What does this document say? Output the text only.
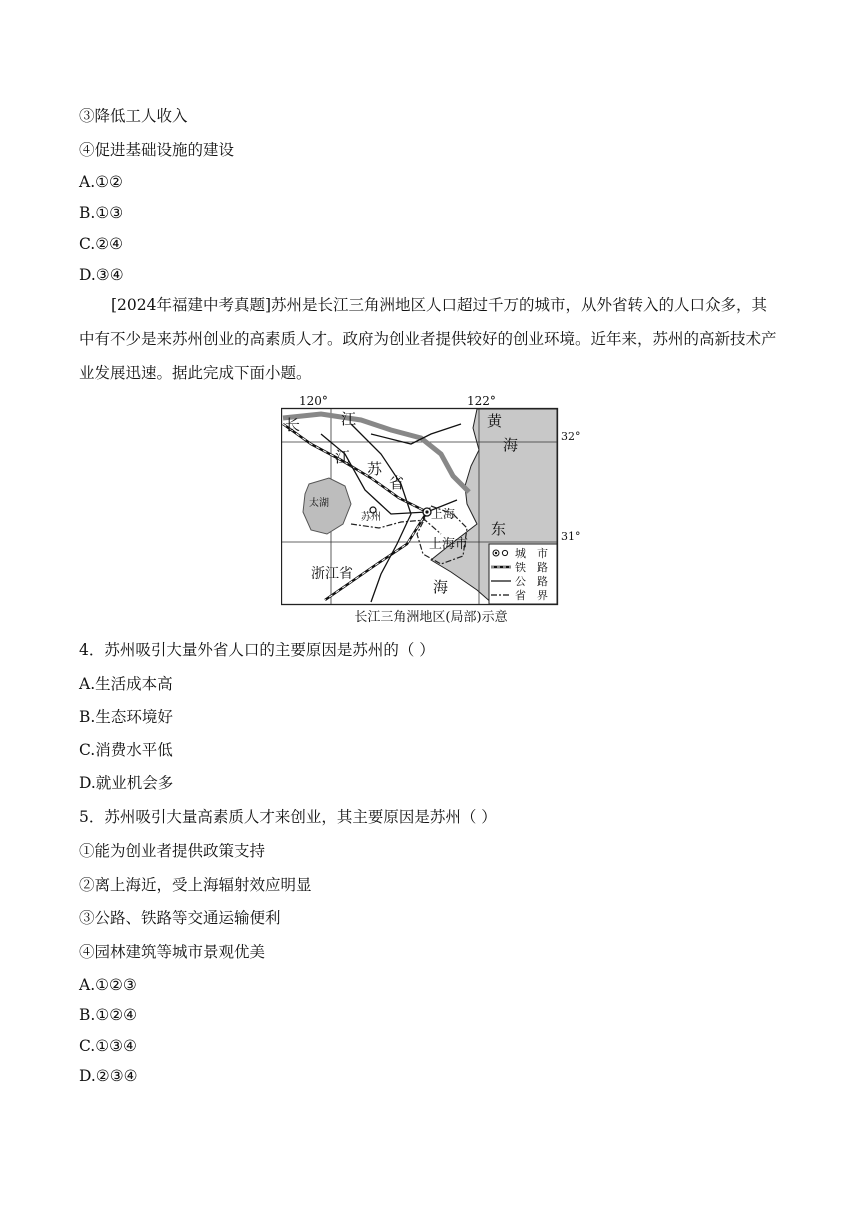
③降低工人收入
④促进基础设施的建设
A.①②
B.①③
C.②④
D.③④
[2024年福建中考真题]苏州是长江三角洲地区人口超过千万的城市，从外省转入的人口众多，其中有不少是来苏州创业的高素质人才。政府为创业者提供较好的创业环境。近年来，苏州的高新技术产业发展迅速。据此完成下面小题。
120°	122°
32°
31°
长	江
江
苏
省
太湖
苏州	上海
上海市
浙江省
黄
海
东
海
城　市
铁　路
公　路
省　界
长江三角洲地区(局部)示意
4．苏州吸引大量外省人口的主要原因是苏州的（ ）
A.生活成本高
B.生态环境好
C.消费水平低
D.就业机会多
5．苏州吸引大量高素质人才来创业，其主要原因是苏州（ ）
①能为创业者提供政策支持
②离上海近，受上海辐射效应明显
③公路、铁路等交通运输便利
④园林建筑等城市景观优美
A.①②③
B.①②④
C.①③④
D.②③④
